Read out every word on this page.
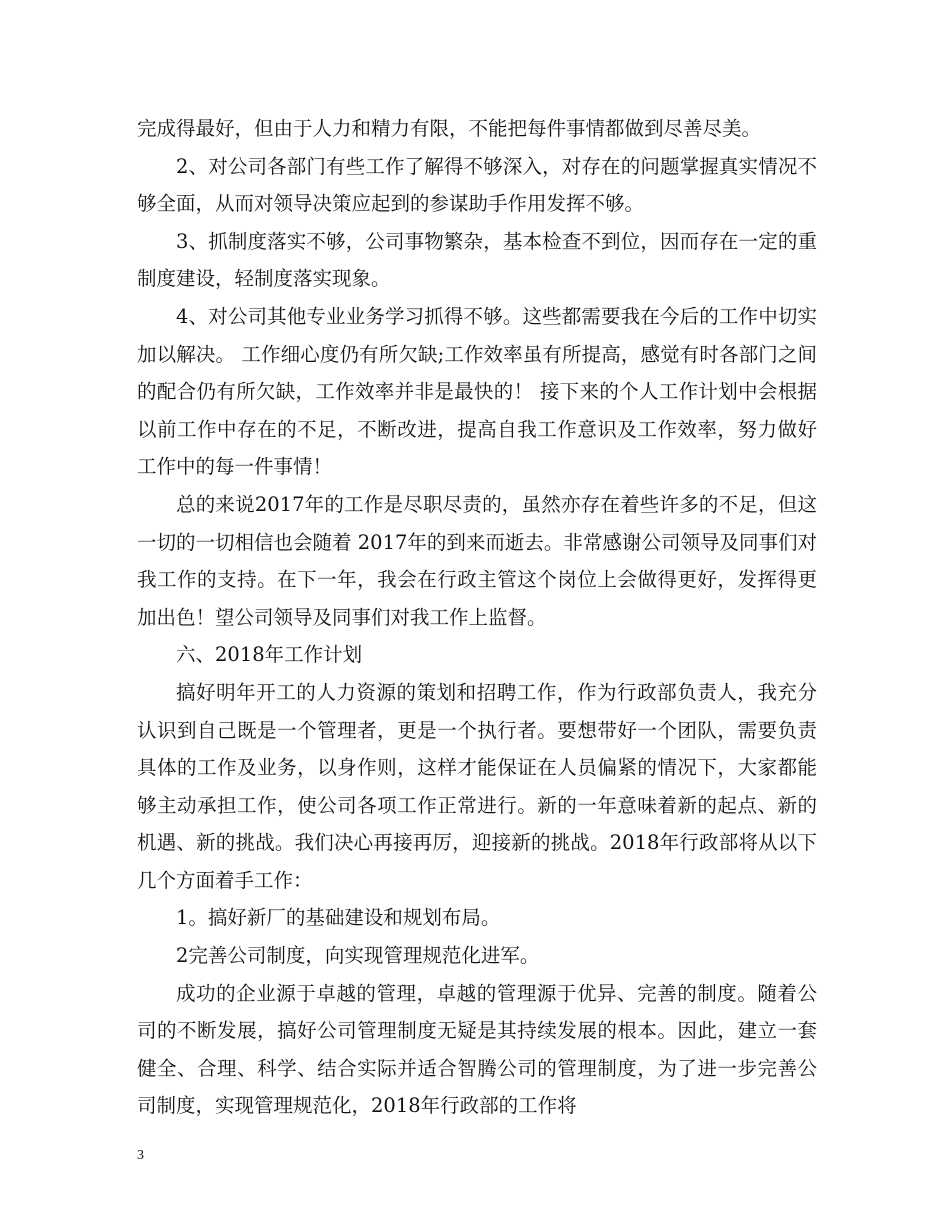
完成得最好，但由于人力和精力有限，不能把每件事情都做到尽善尽美。

2、对公司各部门有些工作了解得不够深入，对存在的问题掌握真实情况不够全面，从而对领导决策应起到的参谋助手作用发挥不够。

3、抓制度落实不够，公司事物繁杂，基本检查不到位，因而存在一定的重制度建设，轻制度落实现象。

4、对公司其他专业业务学习抓得不够。这些都需要我在今后的工作中切实加以解决。 工作细心度仍有所欠缺;工作效率虽有所提高，感觉有时各部门之间的配合仍有所欠缺，工作效率并非是最快的！ 接下来的个人工作计划中会根据以前工作中存在的不足，不断改进，提高自我工作意识及工作效率，努力做好工作中的每一件事情！

总的来说2017年的工作是尽职尽责的，虽然亦存在着些许多的不足，但这一切的一切相信也会随着 2017年的到来而逝去。非常感谢公司领导及同事们对我工作的支持。在下一年，我会在行政主管这个岗位上会做得更好，发挥得更加出色！望公司领导及同事们对我工作上监督。

六、2018年工作计划

搞好明年开工的人力资源的策划和招聘工作，作为行政部负责人，我充分认识到自己既是一个管理者，更是一个执行者。要想带好一个团队，需要负责具体的工作及业务，以身作则，这样才能保证在人员偏紧的情况下，大家都能够主动承担工作，使公司各项工作正常进行。新的一年意味着新的起点、新的机遇、新的挑战。我们决心再接再厉，迎接新的挑战。2018年行政部将从以下几个方面着手工作：

1。搞好新厂的基础建设和规划布局。

2完善公司制度，向实现管理规范化进军。

成功的企业源于卓越的管理，卓越的管理源于优异、完善的制度。随着公司的不断发展，搞好公司管理制度无疑是其持续发展的根本。因此，建立一套健全、合理、科学、结合实际并适合智腾公司的管理制度，为了进一步完善公司制度，实现管理规范化，2018年行政部的工作将

3
